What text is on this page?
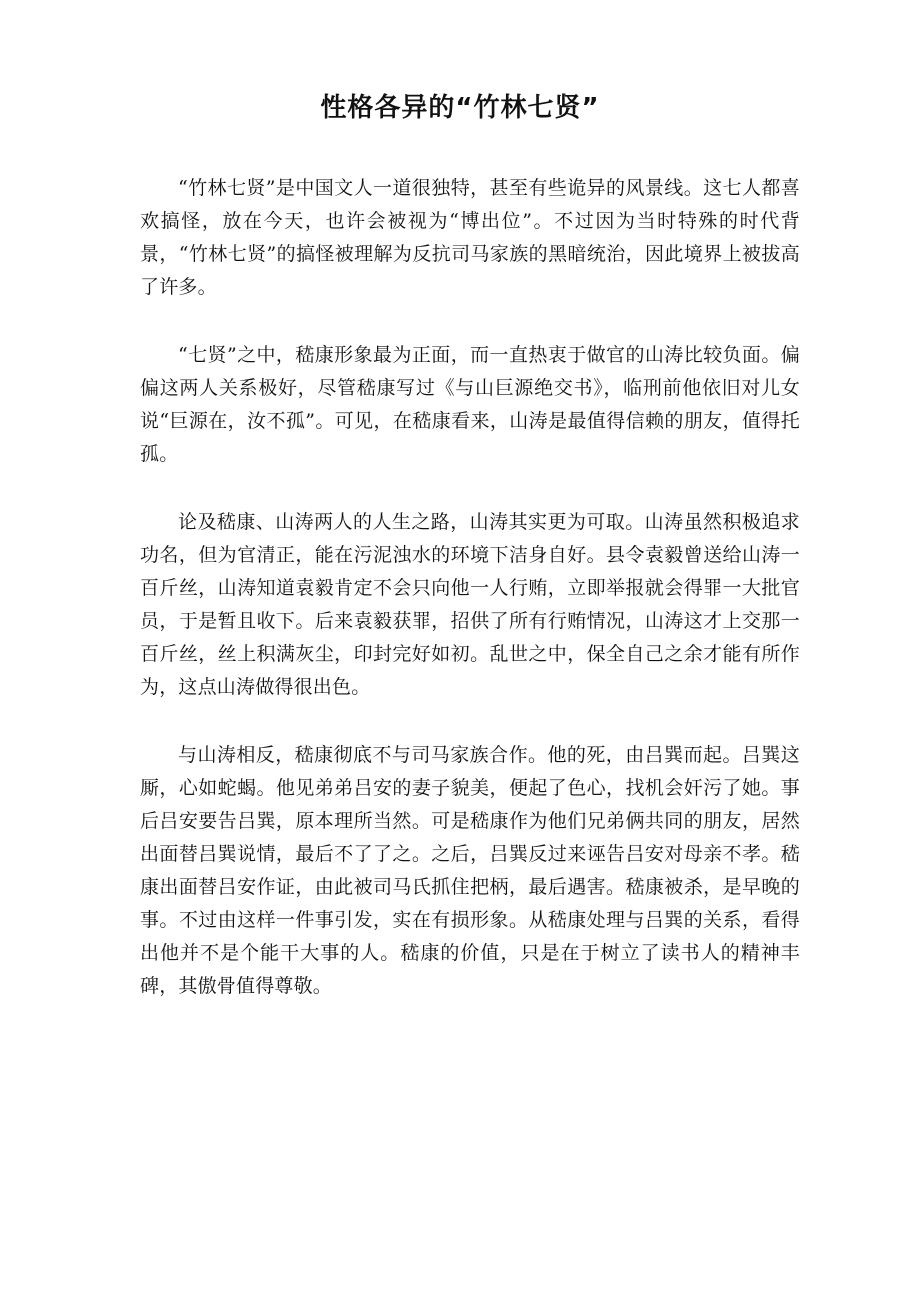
性格各异的“竹林七贤”

“竹林七贤”是中国文人一道很独特，甚至有些诡异的风景线。这七人都喜欢搞怪，放在今天，也许会被视为“博出位”。不过因为当时特殊的时代背景，“竹林七贤”的搞怪被理解为反抗司马家族的黑暗统治，因此境界上被拔高了许多。

“七贤”之中，嵇康形象最为正面，而一直热衷于做官的山涛比较负面。偏偏这两人关系极好，尽管嵇康写过《与山巨源绝交书》，临刑前他依旧对儿女说“巨源在，汝不孤”。可见，在嵇康看来，山涛是最值得信赖的朋友，值得托孤。

论及嵇康、山涛两人的人生之路，山涛其实更为可取。山涛虽然积极追求功名，但为官清正，能在污泥浊水的环境下洁身自好。县令袁毅曾送给山涛一百斤丝，山涛知道袁毅肯定不会只向他一人行贿，立即举报就会得罪一大批官员，于是暂且收下。后来袁毅获罪，招供了所有行贿情况，山涛这才上交那一百斤丝，丝上积满灰尘，印封完好如初。乱世之中，保全自己之余才能有所作为，这点山涛做得很出色。

与山涛相反，嵇康彻底不与司马家族合作。他的死，由吕巽而起。吕巽这厮，心如蛇蝎。他见弟弟吕安的妻子貌美，便起了色心，找机会奸污了她。事后吕安要告吕巽，原本理所当然。可是嵇康作为他们兄弟俩共同的朋友，居然出面替吕巽说情，最后不了了之。之后，吕巽反过来诬告吕安对母亲不孝。嵇康出面替吕安作证，由此被司马氏抓住把柄，最后遇害。嵇康被杀，是早晚的事。不过由这样一件事引发，实在有损形象。从嵇康处理与吕巽的关系，看得出他并不是个能干大事的人。嵇康的价值，只是在于树立了读书人的精神丰碑，其傲骨值得尊敬。
